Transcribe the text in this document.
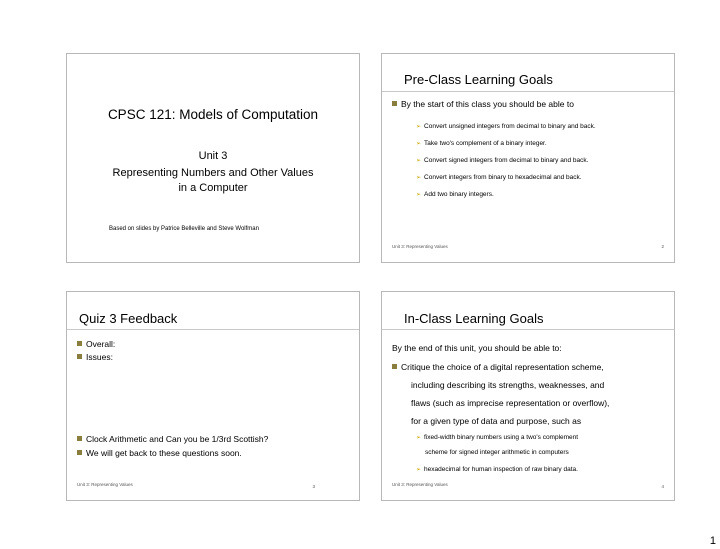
CPSC 121: Models of Computation
Unit 3
Representing Numbers and Other Values
in a Computer
Based on slides by Patrice Belleville and Steve Wolfman
Pre-Class Learning Goals
By the start of this class you should be able to
➢ Convert unsigned integers from decimal to binary and back.
➢ Take two's complement of a binary integer.
➢ Convert signed integers from decimal to binary and back.
➢ Convert integers from binary to hexadecimal and back.
➢ Add two binary integers.
Unit 3: Representing Values	2
Quiz 3 Feedback
Overall:
Issues:
Clock Arithmetic and Can you be 1/3rd Scottish?
We will get back to these questions soon.
Unit 3: Representing Values	3
In-Class Learning Goals
By the end of this unit, you should be able to:
Critique the choice of a digital representation scheme,
including describing its strengths, weaknesses, and
flaws (such as imprecise representation or overflow),
for a given type of data and purpose, such as
➢ fixed-width binary numbers using a two's complement
scheme for signed integer arithmetic in computers
➢ hexadecimal for human inspection of raw binary data.
Unit 3: Representing Values	4
1
